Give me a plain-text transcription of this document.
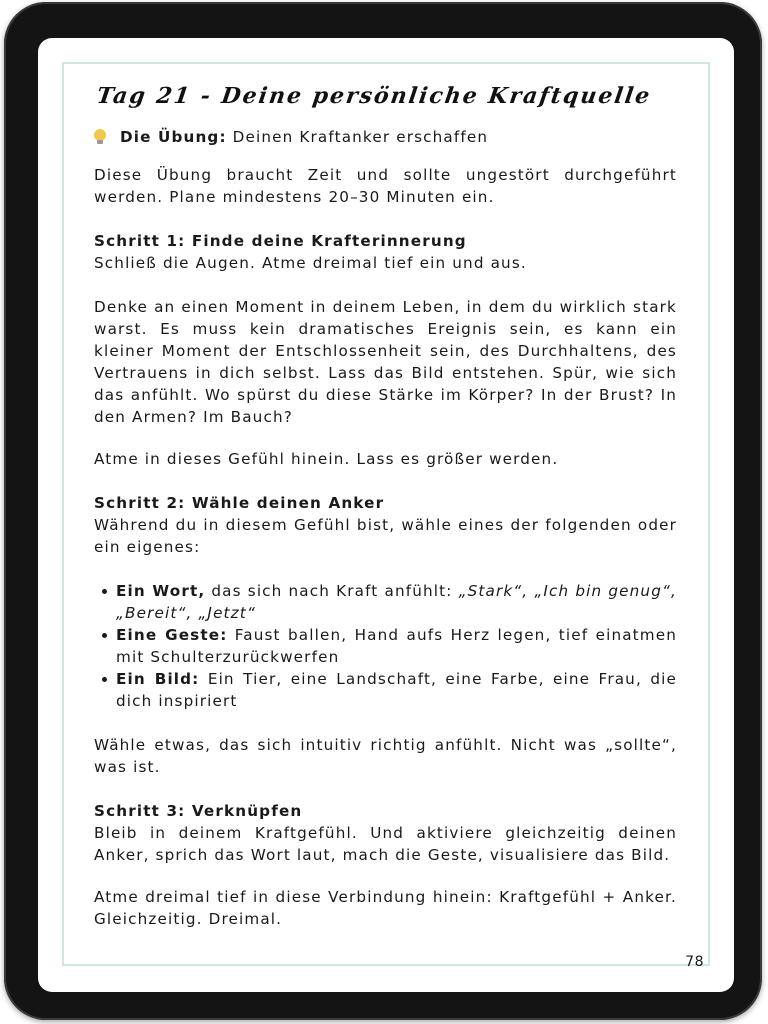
Tag 21 - Deine persönliche Kraftquelle

Die Übung: Deinen Kraftanker erschaffen

Diese Übung braucht Zeit und sollte ungestört durchgeführt werden. Plane mindestens 20–30 Minuten ein.

Schritt 1: Finde deine Krafterinnerung

Schließ die Augen. Atme dreimal tief ein und aus.

Denke an einen Moment in deinem Leben, in dem du wirklich stark warst. Es muss kein dramatisches Ereignis sein, es kann ein kleiner Moment der Entschlossenheit sein, des Durchhaltens, des Vertrauens in dich selbst. Lass das Bild entstehen. Spür, wie sich das anfühlt. Wo spürst du diese Stärke im Körper? In der Brust? In den Armen? Im Bauch?

Atme in dieses Gefühl hinein. Lass es größer werden.

Schritt 2: Wähle deinen Anker

Während du in diesem Gefühl bist, wähle eines der folgenden oder ein eigenes:

Ein Wort, das sich nach Kraft anfühlt: „Stark“, „Ich bin genug“, „Bereit“, „Jetzt“
Eine Geste: Faust ballen, Hand aufs Herz legen, tief einatmen mit Schulterzurückwerfen
Ein Bild: Ein Tier, eine Landschaft, eine Farbe, eine Frau, die dich inspiriert

Wähle etwas, das sich intuitiv richtig anfühlt. Nicht was „sollte“, was ist.

Schritt 3: Verknüpfen

Bleib in deinem Kraftgefühl. Und aktiviere gleichzeitig deinen Anker, sprich das Wort laut, mach die Geste, visualisiere das Bild.

Atme dreimal tief in diese Verbindung hinein: Kraftgefühl + Anker. Gleichzeitig. Dreimal.

78
